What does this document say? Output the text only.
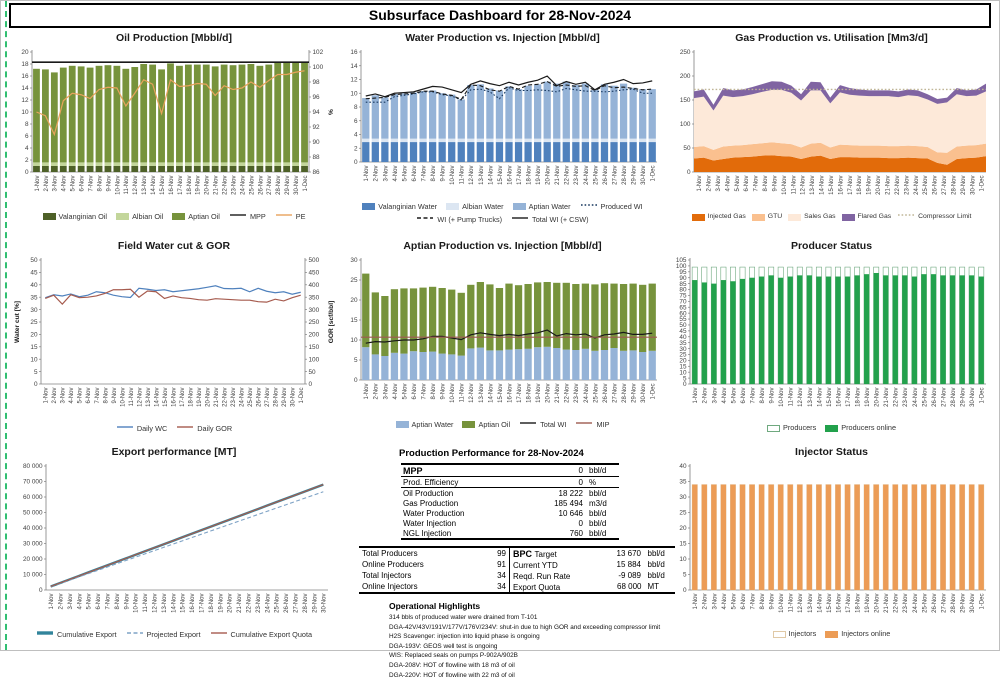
Subsurface Dashboard for 28-Nov-2024
Oil Production [Mbbl/d]
0
2
4
6
8
10
12
14
16
18
20
86
88
90
92
94
96
98
100
102
%
1-Nov 2-Nov 3-Nov 4-Nov 5-Nov 6-Nov 7-Nov 8-Nov 9-Nov 10-Nov 11-Nov 12-Nov 13-Nov 14-Nov 15-Nov 16-Nov 17-Nov 18-Nov 19-Nov 20-Nov 21-Nov 22-Nov 23-Nov 24-Nov 25-Nov 26-Nov 27-Nov 28-Nov 29-Nov 30-Nov 1-Dec
Valanginian Oil	Albian Oil	Aptian Oil	MPP	PE
Water Production vs. Injection [Mbbl/d]
0
2
4
6
8
10
12
14
16
1-Nov 2-Nov 3-Nov 4-Nov 5-Nov 6-Nov 7-Nov 8-Nov 9-Nov 10-Nov 11-Nov 12-Nov 13-Nov 14-Nov 15-Nov 16-Nov 17-Nov 18-Nov 19-Nov 20-Nov 21-Nov 22-Nov 23-Nov 24-Nov 25-Nov 26-Nov 27-Nov 28-Nov 29-Nov 30-Nov 1-Dec
Valanginian Water	Albian Water	Aptian Water	Produced WI
WI (+ Pump Trucks)	Total WI (+ CSW)
Gas Production vs. Utilisation [Mm3/d]
0
50
100
150
200
250
1-Nov 2-Nov 3-Nov 4-Nov 5-Nov 6-Nov 7-Nov 8-Nov 9-Nov 10-Nov 11-Nov 12-Nov 13-Nov 14-Nov 15-Nov 16-Nov 17-Nov 18-Nov 19-Nov 20-Nov 21-Nov 22-Nov 23-Nov 24-Nov 25-Nov 26-Nov 27-Nov 28-Nov 29-Nov 30-Nov 1-Dec
Injected Gas	GTU	Sales Gas	Flared Gas	Compressor Limit
Field Water cut & GOR
0
5
10
15
20
25
30
35
40
45
50
0
50
100
150
200
250
300
350
400
450
500
Water cut [%]	GOR [scf/bbl]
1-Nov 2-Nov 3-Nov 4-Nov 5-Nov 6-Nov 7-Nov 8-Nov 9-Nov 10-Nov 11-Nov 12-Nov 13-Nov 14-Nov 15-Nov 16-Nov 17-Nov 18-Nov 19-Nov 20-Nov 21-Nov 22-Nov 23-Nov 24-Nov 25-Nov 26-Nov 27-Nov 28-Nov 29-Nov 30-Nov 1-Dec
Daily WC	Daily GOR
Aptian Production vs. Injection [Mbbl/d]
0
5
10
15
20
25
30
1-Nov 2-Nov 3-Nov 4-Nov 5-Nov 6-Nov 7-Nov 8-Nov 9-Nov 10-Nov 11-Nov 12-Nov 13-Nov 14-Nov 15-Nov 16-Nov 17-Nov 18-Nov 19-Nov 20-Nov 21-Nov 22-Nov 23-Nov 24-Nov 25-Nov 26-Nov 27-Nov 28-Nov 29-Nov 30-Nov 1-Dec
Aptian Water	Aptian Oil	Total WI	MIP
Producer Status
0
5
10
15
20
25
30
35
40
45
50
55
60
65
70
75
80
85
90
95
100
105
1-Nov 2-Nov 3-Nov 4-Nov 5-Nov 6-Nov 7-Nov 8-Nov 9-Nov 10-Nov 11-Nov 12-Nov 13-Nov 14-Nov 15-Nov 16-Nov 17-Nov 18-Nov 19-Nov 20-Nov 21-Nov 22-Nov 23-Nov 24-Nov 25-Nov 26-Nov 27-Nov 28-Nov 29-Nov 30-Nov 1-Dec
Producers	Producers online
Export performance [MT]
0
10 000
20 000
30 000
40 000
50 000
60 000
70 000
80 000
1-Nov 2-Nov 3-Nov 4-Nov 5-Nov 6-Nov 7-Nov 8-Nov 9-Nov 10-Nov 11-Nov 12-Nov 13-Nov 14-Nov 15-Nov 16-Nov 17-Nov 18-Nov 19-Nov 20-Nov 21-Nov 22-Nov 23-Nov 24-Nov 25-Nov 26-Nov 27-Nov 28-Nov 29-Nov 30-Nov
Cumulative Export	Projected Export	Cumulative Export Quota
Production Performance for 28-Nov-2024
MPP	0	bbl/d
Prod. Efficiency	0	%
Oil Production	18 222	bbl/d
Gas Production	185 494	m3/d
Water Production	10 646	bbl/d
Water Injection	0	bbl/d
NGL Injection	760	bbl/d
Total Producers	99
Online Producers	91
Total Injectors	34
Online Injectors	34
BPC Target	13 670	bbl/d
Current YTD	15 884	bbl/d
Reqd. Run Rate	-9 089	bbl/d
Export Quota	68 000	MT
Operational Highlights
314 bbls of produced water were drained from T-101
DGA-42V/43V/191V/177V/176V/234V: shut-in due to high GOR and exceeding compressor limit
H2S Scavenger: injection into liquid phase is ongoing
DGA-193V: GEOS well test is ongoing
WIS: Replaced seals on pumps P-902A/902B
DGA-208V: HOT of flowline with 18 m3 of oil
DGA-220V: HOT of flowline with 22 m3 of oil
Injector Status
0
5
10
15
20
25
30
35
40
1-Nov 2-Nov 3-Nov 4-Nov 5-Nov 6-Nov 7-Nov 8-Nov 9-Nov 10-Nov 11-Nov 12-Nov 13-Nov 14-Nov 15-Nov 16-Nov 17-Nov 18-Nov 19-Nov 20-Nov 21-Nov 22-Nov 23-Nov 24-Nov 25-Nov 26-Nov 27-Nov 28-Nov 29-Nov 30-Nov 1-Dec
Injectors	Injectors online
